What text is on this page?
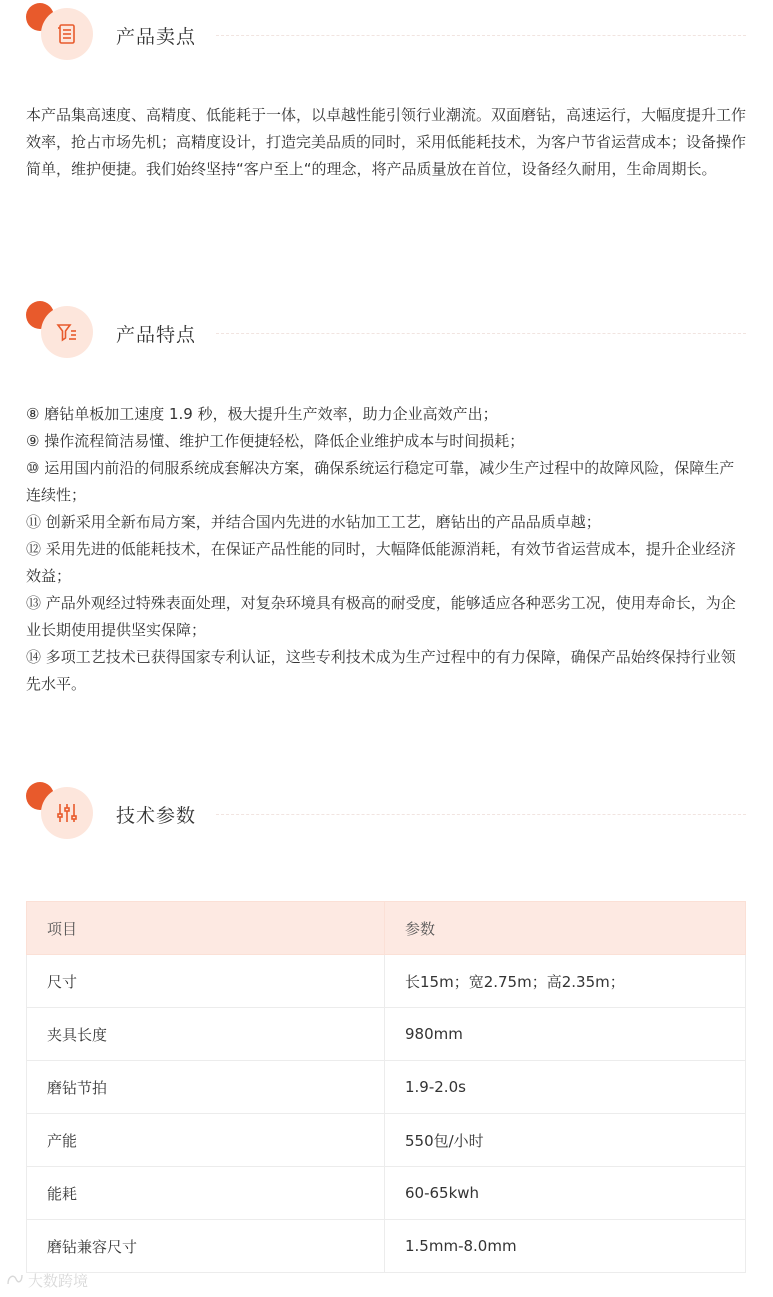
产品卖点
本产品集高速度、高精度、低能耗于一体，以卓越性能引领行业潮流。双面磨钻，高速运行，大幅度提升工作效率，抢占市场先机；高精度设计，打造完美品质的同时，采用低能耗技术，为客户节省运营成本；设备操作简单，维护便捷。我们始终坚持“客户至上“的理念，将产品质量放在首位，设备经久耐用，生命周期长。
产品特点
⑧ 磨钻单板加工速度 1.9 秒，极大提升生产效率，助力企业高效产出；
⑨ 操作流程简洁易懂、维护工作便捷轻松，降低企业维护成本与时间损耗；
⑩ 运用国内前沿的伺服系统成套解决方案，确保系统运行稳定可靠，减少生产过程中的故障风险，保障生产连续性；
⑪ 创新采用全新布局方案，并结合国内先进的水钻加工工艺，磨钻出的产品品质卓越；
⑫ 采用先进的低能耗技术，在保证产品性能的同时，大幅降低能源消耗，有效节省运营成本，提升企业经济效益；
⑬ 产品外观经过特殊表面处理，对复杂环境具有极高的耐受度，能够适应各种恶劣工况，使用寿命长，为企业长期使用提供坚实保障；
⑭ 多项工艺技术已获得国家专利认证，这些专利技术成为生产过程中的有力保障，确保产品始终保持行业领先水平。
技术参数
项目	参数
尺寸	长15m；宽2.75m；高2.35m；
夹具长度	980mm
磨钻节拍	1.9-2.0s
产能	550包/小时
能耗	60-65kwh
磨钻兼容尺寸	1.5mm-8.0mm
大数跨境
